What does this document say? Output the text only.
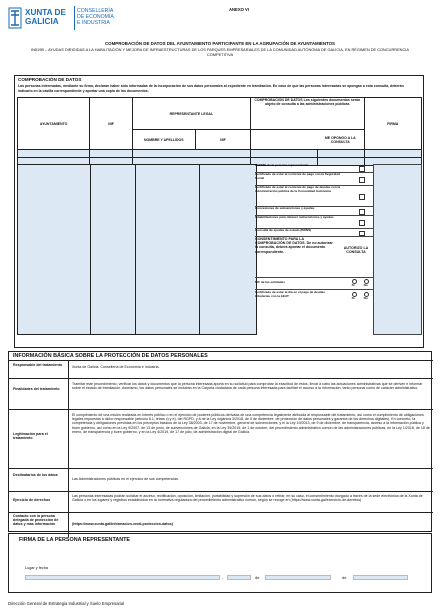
XUNTA DE GALICIA
CONSELLERÍA DE ECONOMÍA E INDUSTRIA
ANEXO VI
COMPROBACIÓN DE DATOS DEL AYUNTAMIENTO PARTICIPANTE EN LA AGRUPACIÓN DE AYUNTAMIENTOS
IN519B – AYUDAS DIRIGIDAS A LA HABILITACIÓN Y MEJORA DE INFRAESTRUCTURAS DE LOS PARQUES EMPRESARIALES DE LA COMUNIDAD AUTÓNOMA DE GALICIA, EN RÉGIMEN DE CONCURRENCIA COMPETITIVA
COMPROBACIÓN DE DATOS
Las personas interesadas, mediante su firma, declaran haber sido informadas de la incorporación de sus datos personales al expediente en tramitación. En caso de que las personas interesadas se opongan a esta consulta, deberán indicarlo en la casilla correspondiente y aportar una copia de los documentos.
AYUNTAMIENTO	NIF	REPRESENTANTE LEGAL		COMPROBACIÓN DE DATOS Los siguientes documentos serán objeto de consulta a las administraciones públicas		FIRMA
		NOMBRE Y APELLIDOS	NIF		ME OPONGO A LA CONSULTA	

DNI/NIE de la persona representante
Certificado de estar al corriente de pago con la Seguridad Social
Certificado de estar al corriente de pago de deudas con la Administración pública de la Comunidad Autónoma
Concesiones de subvenciones y ayudas
Inhabilitaciones para obtener subvenciones y ayudas
Consulta de ayudas de estado (BDNS)
CONSENTIMIENTO PARA LA COMPROBACIÓN DE DATOS. De no autorizar la consulta, deberá aportar el documento correspondiente.
AUTORIZO LA CONSULTA
NIF de las entidades

Sí	No
Certificado de estar al día en el pago de deudas tributarias con la AEAT

Sí	No
INFORMACIÓN BÁSICA SOBRE LA PROTECCIÓN DE DATOS PERSONALES
Responsable del tratamiento	Xunta de Galicia. Consellería de Economía e Industria.
Finalidades del tratamiento
Tramitar este procedimiento, verificar los datos y documentos que la persona interesada aporta en su solicitud para comprobar la exactitud de éstos, llevar a cabo las actuaciones administrativas que se deriven e informar sobre el estado de tramitación. Asimismo, los datos personales se incluirán en la Carpeta ciudadana de cada persona interesada para facilitar el acceso a la información, tanto personal como de carácter administrativo.
Legitimación para el tratamiento
El cumplimiento de una misión realizada en interés público o en el ejercicio de poderes públicos derivada de una competencia legalmente atribuida al responsable del tratamiento, así como el cumplimiento de obligaciones legales impuestas a dicho responsable (artículo 6.1, letras c) y e), del RGPD, y 8 de la Ley orgánica 3/2018, de 5 de diciembre, de protección de datos personales y garantía de los derechos digitales). En concreto, la competencia y obligaciones previstas en los preceptos básicos de la Ley 38/2003, de 17 de noviembre, general de subvenciones, y el la Ley 19/2013, de 9 de diciembre, de transparencia, acceso a la información pública y buen gobierno, así como en la Ley 9/2007, de 13 de junio, de subvenciones de Galicia, en la Ley 39/2015, de 1 de octubre, del procedimiento administrativo común de las administraciones públicas, en la Ley 1/2016, de 18 de enero, de transparencia y buen gobierno, y en la Ley 4/2019, de 17 de julio, de administración digital de Galicia.
Destinatarios de los datos
Las Administraciones públicas en el ejercicio de sus competencias.
Ejercicio de derechos
Las personas interesadas podrán solicitar el acceso, rectificación, oposición, limitación, portabilidad y supresión de sus datos o retirar, en su caso, el consentimiento otorgado a través de la sede electrónica de la Xunta de Galicia o en los lugares y registros establecidos en la normativa reguladora del procedimiento administrativo común, según se recoge en (https://www.xunta.gal/exercicio-de-dereitos)
Contacto con la persona delegada de protección de datos y más información	(https://www.xunta.gal/informacion-xeral-proteccion-datos)
FIRMA DE LA PERSONA REPRESENTANTE
Lugar y fecha
,	de	de
Dirección General de Estrategia Industrial y Suelo Empresarial
